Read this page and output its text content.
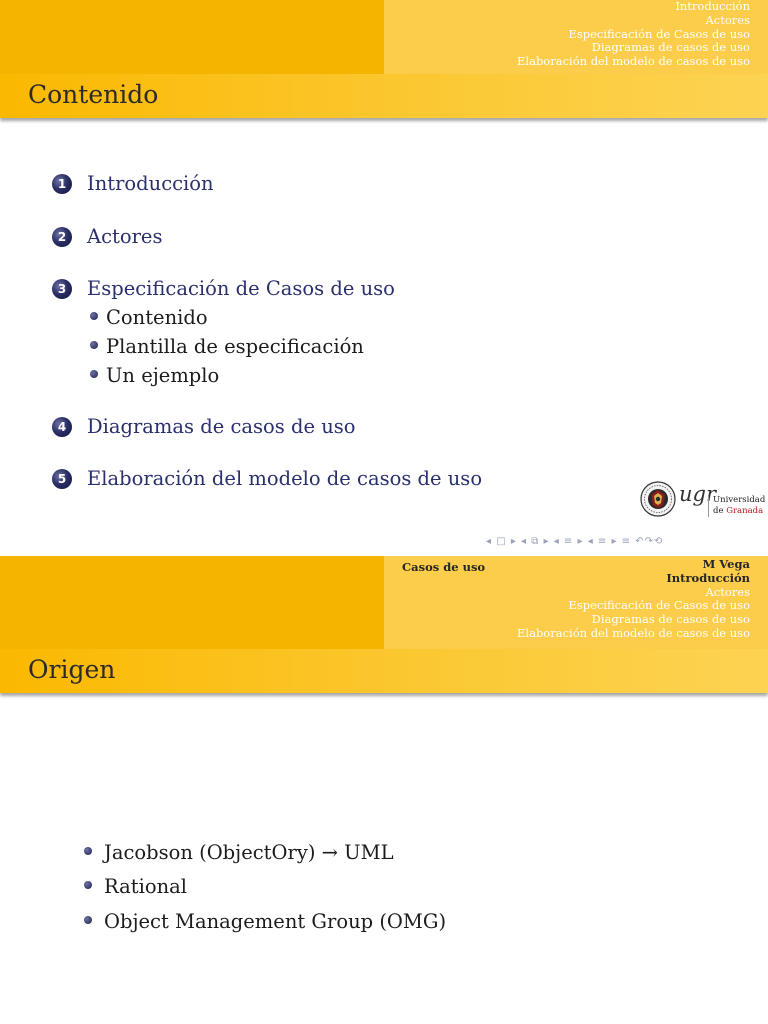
Introducción
Actores
Especificación de Casos de uso
Diagramas de casos de uso
Elaboración del modelo de casos de uso
Contenido
1 Introducción
2 Actores
3 Especificación de Casos de uso
Contenido
Plantilla de especificación
Un ejemplo
4 Diagramas de casos de uso
5 Elaboración del modelo de casos de uso
ugr
Universidad
de Granada
◂ □ ▸ ◂ ⧉ ▸ ◂ ≡ ▸ ◂ ≡ ▸ ≡ ↶↷⟲
M Vega
Introducción
Actores
Especificación de Casos de uso
Diagramas de casos de uso
Elaboración del modelo de casos de uso
Casos de uso
Origen
Jacobson (ObjectOry) → UML
Rational
Object Management Group (OMG)
